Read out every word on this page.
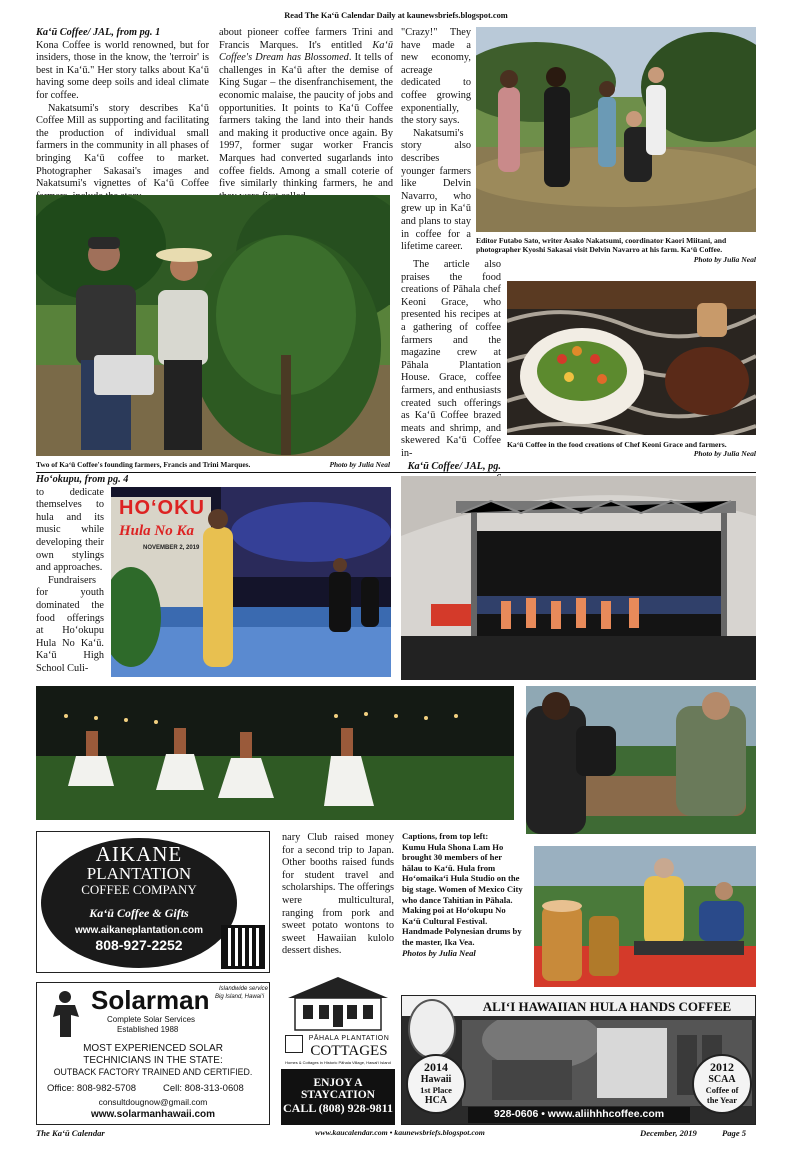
Read The Ka‘ū Calendar Daily at kaunewsbriefs.blogspot.com

Ka‘ū Coffee/ JAL, from pg. 1

Kona Coffee is world renowned, but for insiders, those in the know, the 'terroir' is best in Ka‘ū." Her story talks about Ka‘ū having some deep soils and ideal climate for coffee.

Nakatsumi's story describes Ka‘ū Coffee Mill as supporting and facilitating the production of individual small farmers in the community in all phases of bringing Ka‘ū coffee to market. Photographer Sakasai's images and Nakatsumi's vignettes of Ka‘ū Coffee

about pioneer coffee farmers Trini and Francis Marques. It's entitled Ka‘ū Coffee's Dream has Blossomed. It tells of challenges in Ka‘ū after the demise of King Sugar – the disenfranchisement, the economic malaise, the paucity of jobs and opportunities. It points to Ka‘ū Coffee farmers taking the land into their hands and making it productive once again. By 1997, former sugar worker Francis Marques had converted sugarlands into coffee fields. Among a small coterie of five similarly thinking farmers, he and

"Crazy!" They have made a new economy, acreage dedicated to coffee growing exponentially, the story says.

Nakatsumi's story also describes younger farmers like Delvin Navarro, who grew up in Ka‘ū and plans to stay in coffee for a lifetime career.

The article also praises the food creations of Pāhala chef Keoni Grace, who presented his recipes at a gathering of coffee farmers and the magazine crew at Pāhala Plantation House. Grace, coffee farmers, and enthusiasts created such offerings as Ka‘ū Coffee brazed meats and shrimp, and skewered Ka‘ū Coffee in-

Ka‘ū Coffee/ JAL, pg.

Editor Futabo Sato, writer Asako Nakatsumi, coordinator Kaori Miitani, and photographer Kyoshi Sakasai visit Delvin Navarro at his farm. Ka‘ū Coffee.
Photo by Julia Neal
Two of Ka‘ū Coffee's founding farmers, Francis and Trini Marques.	Photo by Julia Neal
Ka‘ū Coffee in the food creations of Chef Keoni Grace and farmers.
Photo by Julia Neal

Ho‘okupu, from pg. 4

to dedicate themselves to hula and its music while developing their own stylings and approaches.

Fundraisers for youth dominated the food offerings at Ho‘okupu Hula No Ka‘ū. Ka‘ū High School Culi-

HO‘OKU
Hula No Ka
NOVEMBER 2, 2019
AIKANE
PLANTATION
COFFEE COMPANY
Ka‘ū Coffee & Gifts
www.aikaneplantation.com
808-927-2252

nary Club raised money for a second trip to Japan. Other booths raised funds for student travel and scholarships. The offerings were multicultural, ranging from pork and sweet potato wontons to sweet Hawaiian kulolo dessert dishes.

Captions, from top left:
Kumu Hula Shona Lam Ho brought 30 members of her hālau to Ka‘ū. Hula from Ho‘omaika‘i Hula Studio on the big stage. Women of Mexico City who dance Tahitian in Pāhala. Making poi at Ho‘okupu No Ka‘ū Cultural Festival. Handmade Polynesian drums by the master, Ika Vea.
Photos by Julia Neal
Solarman
Complete Solar Services
Established 1988
Islandwide service
Big Island, Hawai‘i
MOST EXPERIENCED SOLAR
TECHNICIANS IN THE STATE:
OUTBACK FACTORY TRAINED AND CERTIFIED.
Office: 808-982-5708	Cell: 808-313-0608
consultdougnow@gmail.com
www.solarmanhawaii.com
PĀHALA PLANTATION
COTTAGES
Homes & Cottages in Historic Pāhala Village, Hawai‘i Island
ENJOY A STAYCATION
CALL (808) 928-9811
ALI‘I HAWAIIAN HULA HANDS COFFEE
2014
Hawaii
1st Place
HCA
2012
SCAA
Coffee of
the Year
928-0606 • www.aliihhhcoffee.com
The Ka‘ū Calendar	www.kaucalendar.com • kaunewsbriefs.blogspot.com	December, 2019	Page 5
